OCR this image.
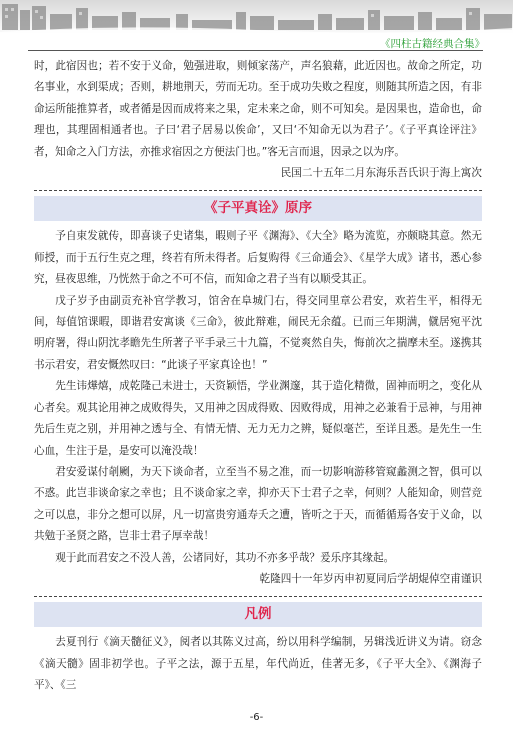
《四柱古籍经典合集》

时，此宿因也；若不安于义命，勉强进取，则倾家荡产，声名狼藉，此近因也。故命之所定，功名事业，水到渠成；否则，耕地荆天，劳而无功。至于成功失败之程度，则随其所造之因，有非命运所能推算者，或者循是因而成将来之果，定未来之命，则不可知矣。是因果也，造命也，命理也，其理固相通者也。子曰‘君子居易以俟命’，又曰‘不知命无以为君子’。《子平真诠评注》者，知命之入门方法，亦推求宿因之方便法门也。”客无言而退，因录之以为序。

民国二十五年二月东海乐吾氏识于海上寓次

《子平真诠》原序

予自束发就传，即喜谈子史诸集，暇则子平《渊海》、《大全》略为流览，亦颇晓其意。然无师授，而于五行生克之理，终若有所未得者。后复购得《三命通会》、《星学大成》诸书，悉心参究，昼夜思维，乃恍然于命之不可不信，而知命之君子当有以顺受其正。

戊子岁予由副贡充补官学教习，馆舍在阜城门右，得交同里章公君安，欢若生平，相得无间，每值馆课暇，即谐君安寓谈《三命》，彼此辩难，闹民无余蕴。已而三年期满，僦居宛平沈明府署，得山阴沈孝瞻先生所著子平手录三十九篇，不觉爽然自失，悔前次之揣摩未至。遂携其书示君安，君安慨然叹曰：“此谈子平家真诠也！”

先生讳燁熺，成乾隆己未进士，天资颖悟，学业渊邃，其于造化精微，固神而明之，变化从心者矣。观其论用神之成败得失，又用神之因成得败、因败得成，用神之必兼看于忌神，与用神先后生克之别，并用神之透与全、有情无情、无力无力之辨，疑似毫芒，至详且悉。是先生一生心血，生注于是，是安可以淹没哉！

君安爱谋付剞劂，为天下谈命者，立至当不易之准，而一切影响游移管窥蠡测之智，俱可以不惑。此岂非谈命家之幸也；且不谈命家之幸，抑亦天下士君子之幸，何则？人能知命，则营竞之可以息，非分之想可以屏，凡一切富贵穷通寿夭之遭，皆听之于天，而循循焉各安于义命，以共勉于圣贤之路，岂非士君子厚幸哉！

观于此而君安之不没人善，公诸同好，其功不亦多乎哉？爰乐序其缘起。

乾隆四十一年岁丙申初夏同后学胡焜倬空甫谨识

凡例

去夏刊行《滴天髓征义》，阅者以其陈义过高，纷以用科学编制，另辑浅近讲义为请。窃念《滴天髓》固非初学也。子平之法，源于五星，年代尚近，佳著无多，《子平大全》、《渊海子平》、《三

-6-
